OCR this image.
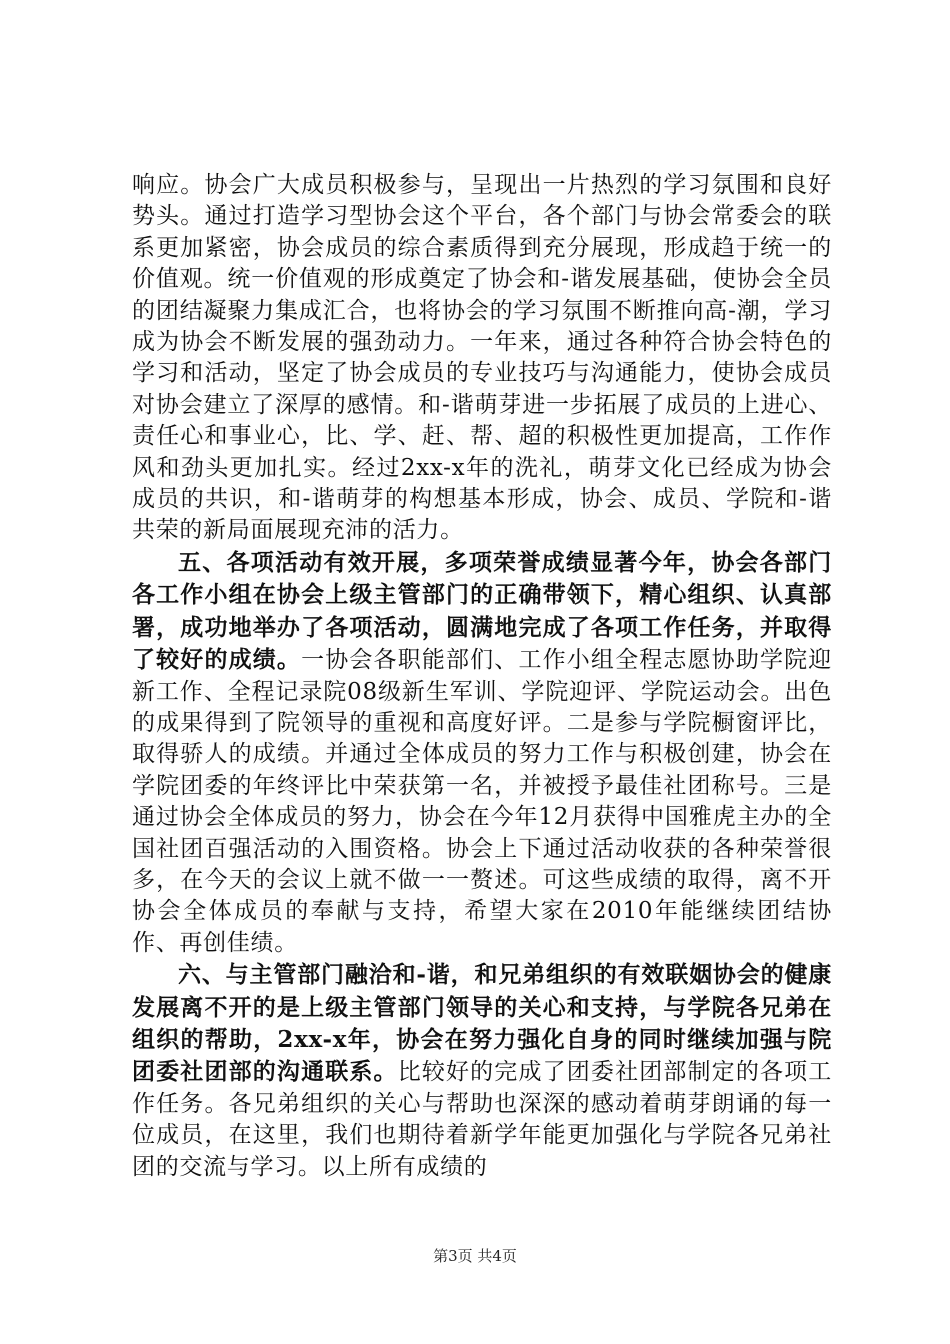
响应。协会广大成员积极参与，呈现出一片热烈的学习氛围和良好势头。通过打造学习型协会这个平台，各个部门与协会常委会的联系更加紧密，协会成员的综合素质得到充分展现，形成趋于统一的价值观。统一价值观的形成奠定了协会和-谐发展基础，使协会全员的团结凝聚力集成汇合，也将协会的学习氛围不断推向高-潮，学习成为协会不断发展的强劲动力。一年来，通过各种符合协会特色的学习和活动，坚定了协会成员的专业技巧与沟通能力，使协会成员对协会建立了深厚的感情。和-谐萌芽进一步拓展了成员的上进心、责任心和事业心，比、学、赶、帮、超的积极性更加提高，工作作风和劲头更加扎实。经过2xx-x年的洗礼，萌芽文化已经成为协会成员的共识，和-谐萌芽的构想基本形成，协会、成员、学院和-谐共荣的新局面展现充沛的活力。

五、各项活动有效开展，多项荣誉成绩显著今年，协会各部门各工作小组在协会上级主管部门的正确带领下，精心组织、认真部署，成功地举办了各项活动，圆满地完成了各项工作任务，并取得了较好的成绩。一协会各职能部们、工作小组全程志愿协助学院迎新工作、全程记录院08级新生军训、学院迎评、学院运动会。出色的成果得到了院领导的重视和高度好评。二是参与学院橱窗评比，取得骄人的成绩。并通过全体成员的努力工作与积极创建，协会在学院团委的年终评比中荣获第一名，并被授予最佳社团称号。三是通过协会全体成员的努力，协会在今年12月获得中国雅虎主办的全国社团百强活动的入围资格。协会上下通过活动收获的各种荣誉很多，在今天的会议上就不做一一赘述。可这些成绩的取得，离不开协会全体成员的奉献与支持，希望大家在2010年能继续团结协作、再创佳绩。

六、与主管部门融洽和-谐，和兄弟组织的有效联姻协会的健康发展离不开的是上级主管部门领导的关心和支持，与学院各兄弟在组织的帮助，2xx-x年，协会在努力强化自身的同时继续加强与院团委社团部的沟通联系。比较好的完成了团委社团部制定的各项工作任务。各兄弟组织的关心与帮助也深深的感动着萌芽朗诵的每一位成员，在这里，我们也期待着新学年能更加强化与学院各兄弟社团的交流与学习。以上所有成绩的

第3页 共4页
